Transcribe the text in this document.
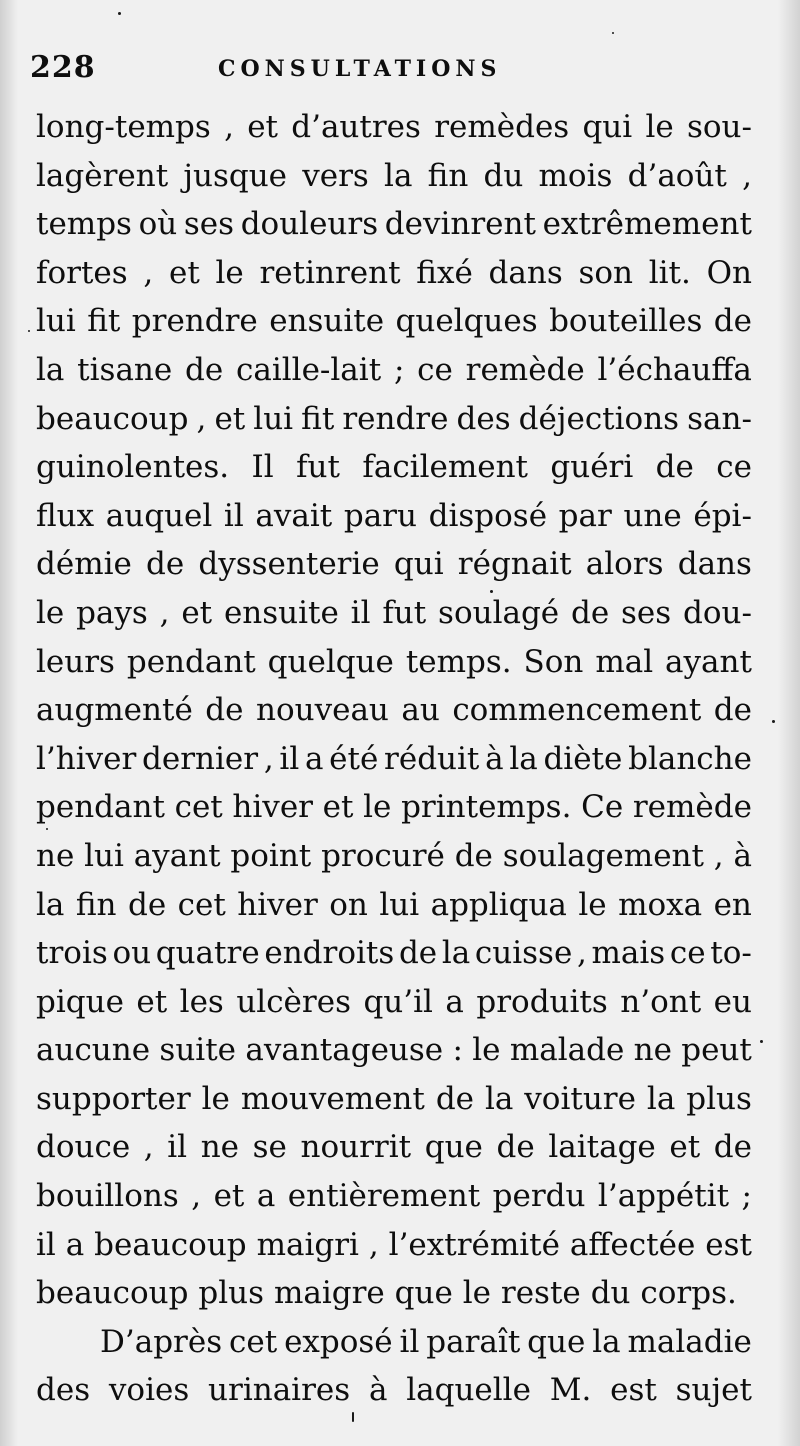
228	CONSULTATIONS
long-temps , et d’autres remèdes qui le sou-
lagèrent jusque vers la fin du mois d’août ,
temps où ses douleurs devinrent extrêmement
fortes , et le retinrent fixé dans son lit. On
lui fit prendre ensuite quelques bouteilles de
la tisane de caille-lait ; ce remède l’échauffa
beaucoup , et lui fit rendre des déjections san-
guinolentes. Il fut facilement guéri de ce
flux auquel il avait paru disposé par une épi-
démie de dyssenterie qui régnait alors dans
le pays , et ensuite il fut soulagé de ses dou-
leurs pendant quelque temps. Son mal ayant
augmenté de nouveau au commencement de
l’hiver dernier , il a été réduit à la diète blanche
pendant cet hiver et le printemps. Ce remède
ne lui ayant point procuré de soulagement , à
la fin de cet hiver on lui appliqua le moxa en
trois ou quatre endroits de la cuisse , mais ce to-
pique et les ulcères qu’il a produits n’ont eu
aucune suite avantageuse : le malade ne peut
supporter le mouvement de la voiture la plus
douce , il ne se nourrit que de laitage et de
bouillons , et a entièrement perdu l’appétit ;
il a beaucoup maigri , l’extrémité affectée est
beaucoup plus maigre que le reste du corps.
D’après cet exposé il paraît que la maladie
des voies urinaires à laquelle M. est sujet
